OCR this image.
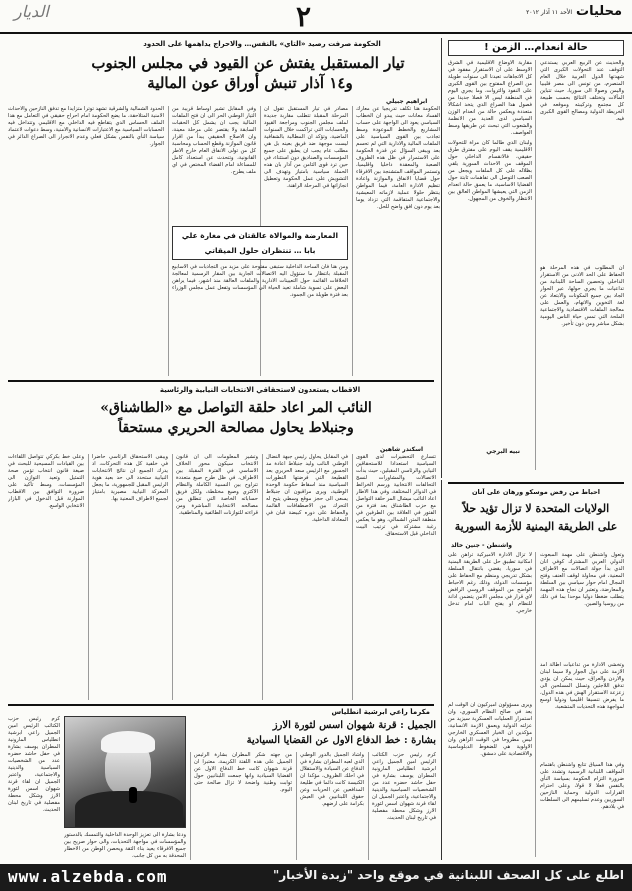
محليات
الأحد ١١ آذار ٢٠١٢
٢
الديار
حالة انعدام… الزمن !
مقاربة الاوضاع الاقليمية في الشرق الاوسط على ان الاستقرار مفقود في كل الاتجاهات تعيدنا الى سنوات طويلة من الصراع المفتوح بين القوى الكبرى على النفوذ والثروات، وما يجري اليوم في المنطقة ليس الا فصلا جديدا من فصول هذا الصراع الذي يتخذ اشكالا متعددة ويعكس حالة من انعدام الوزن السياسي لدى العديد من الانظمة والشعوب التي تبحث عن طريقها وسط العواصف.
ولبنان الذي طالما كان مرآة للتحولات الاقليمية يقف اليوم على مفترق طرق حقيقي، فالانقسام الداخلي حول الموقف من الاحداث السورية يلقي بظلاله على كل الملفات ويجعل من الصعب التوصل الى تفاهمات ثابتة حول القضايا الاساسية، ما يعمق حالة انعدام الزمن التي يعيشها المواطن العالق بين الانتظار والخوف من المجهول.
والحديث عن الربيع العربي يستدعي التوقف عند التحولات الكبرى التي شهدتها الدول العربية خلال العام المنصرم، من تونس الى مصر فليبيا واليمن وصولا الى سوريا، حيث تتباين المآلات وتختلف النتائج بحسب طبيعة كل مجتمع وتركيبته وموقعه في الخريطة الدولية ومصالح القوى الكبرى فيه.
ان المطلوب في هذه المرحلة هو الحفاظ على الحد الادنى من الاستقرار الداخلي وتحصين الساحة اللبنانية من تداعيات ما يجري حولها، عبر الحوار الجاد بين جميع المكونات والابتعاد عن لغة التخوين والاتهام، والعمل على معالجة الملفات الاقتصادية والاجتماعية الملحة التي تمس حياة الناس اليومية بشكل مباشر ومن دون تأخير.
نبيه البرجي
الحكومة صرفت رصيد «التاي» بالنفس… والاحراج يداهمها على الحدود
تيار المستقبل يفتش عن القيود في مجلس الجنوب
و١٤ آذار تنبش أوراق عون المالية
ابراهيم جبيلي
الحكومة هنا تكلف تدريجيا عن معارك الفساد معانات حيث يبدو ان الخطاب السياسي يعود الى الواجهة على حساب المشاريع والخطط الموعودة وسط تجاذب بين القوى السياسية على الملفات المالية والادارية التي لم تحسم بعد ويبقى السؤال عن قدرة الحكومة على الاستمرار في ظل هذه الظروف الصعبة والمعقدة داخليا واقليميا، وتستمر المواقف المتشنجة بين الافرقاء حول قضايا الانفاق والموازنة واعادة تنظيم الادارة العامة، فيما المواطن ينتظر حلولا عملية لازماته المعيشية والاجتماعية المتفاقمة التي تزداد يوما بعد يوم دون افق واضح للحل.
مصادر في تيار المستقبل تقول ان المرحلة المقبلة تتطلب مقاربة جديدة لملف مجلس الجنوب ومراجعة القيود والحسابات التي تراكمت خلال السنوات الماضية، وتؤكد ان المطالبة بالشفافية ليست موجهة ضد فريق بعينه بل هي مطلب عام يجب ان يطبق على جميع المؤسسات والصناديق دون استثناء، في حين ترد قوى الثامن من آذار بان هذه الحملة سياسية بامتياز وتهدف الى التشويش على عمل الحكومة وتعطيل انجازاتها في المرحلة الراهنة.
وفي المقابل تشير اوساط قريبة من التيار الوطني الحر الى ان فتح الملفات المالية يجب ان يشمل كل الحقبات السابقة ولا يقتصر على مرحلة معينة، وان الاصلاح الحقيقي يبدأ من اقرار قانون الموازنة وقطع الحساب ومحاسبة كل من تولى الانفاق العام خارج الاطر القانونية، وتتحدث عن استعداد كامل للمساءلة امام القضاء المختص في اي ملف يطرح.
الحدود الشمالية والشرقية تشهد توترا متزايدا مع تدفق النازحين والاحداث الامنية المتلاحقة، ما يضع الحكومة امام احراج حقيقي في التعامل مع هذا الملف الحساس الذي يتقاطع فيه الداخلي مع الاقليمي وتتداخل فيه الحسابات السياسية مع الاعتبارات الانسانية والامنية، وسط دعوات لاعتماد سياسة النأي بالنفس بشكل فعلي وعدم الانجرار الى الصراع الدائر في الجوار.
المعارضة والموالاة عالقتان في مغارة علي بابا … تنتظران حلول الميقاتي
ومن هنا فان الساحة الداخلية ستبقى مفتوحة على مزيد من التجاذبات في الاسابيع المقبلة بانتظار ما ستؤول اليه الاتصالات الجارية بين المقار الرسمية لمعالجة الخلافات القائمة حول التعيينات الادارية والملفات العالقة منذ اشهر، فيما يراهن البعض على تسوية شاملة تعيد الحياة الى المؤسسات وتفعل عمل مجلس الوزراء بعد فترة طويلة من الجمود.
الاقطاب يستعدون لاستحقاقي الانتخابات النيابية والرئاسية
النائب المر اعاد حلقة التواصل مع «الطاشناق»
وجنبلاط يحاول مصالحة الحريري مستحقاً
اسكندر شاهين
تتسارع التحضيرات لدى القوى السياسية استعدادا للاستحقاقين النيابي والرئاسي المقبلين، حيث بدأت الاتصالات والمشاورات لنسج التحالفات الانتخابية ورسم الخرائط في الدوائر المختلفة، وفي هذا الاطار اعاد النائب ميشال المر حلقة التواصل مع حزب الطاشناق بعد فترة من الفتور في العلاقة بين الطرفين في منطقة المتن الشمالي، وهو ما يعكس رغبة مشتركة في ترتيب البيت الداخلي قبل الاستحقاق.
في المقابل يحاول رئيس جبهة النضال الوطني النائب وليد جنبلاط اعادة مد الجسور مع الرئيس سعد الحريري بعد القطيعة التي فرضتها التطورات السياسية منذ اسقاط حكومة الوحدة الوطنية، ويرى مراقبون ان جنبلاط يسعى الى حجز موقع وسطي يتيح له التحرك بين الاصطفافات القائمة والحفاظ على دوره كبيضة قبان في المعادلة الداخلية.
وتشير المعلومات الى ان قانون الانتخاب سيكون محور الخلاف الاساسي في الفترة المقبلة بين الاطراف، في ظل طرح صيغ متعددة تتراوح بين النسبية الكاملة والنظام الاكثري وصيغ مختلطة، ولكل فريق حساباته الخاصة التي تنطلق من مصالحه الانتخابية المباشرة ومن قراءته للتوازنات الطائفية والمناطقية.
ويبقى الاستحقاق الرئاسي حاضرا في خلفية كل هذه التحركات، اذ يدرك الجميع ان نتائج الانتخابات النيابية ستحدد الى حد بعيد هوية الرئيس المقبل للجمهورية، ما يجعل المعركة النيابية مصيرية بامتياز لجميع الاطراف المعنية بها.
وعلى خط بكركي تتواصل اللقاءات بين القيادات المسيحية للبحث في صيغة قانون انتخاب تؤمن صحة التمثيل وتعيد التوازن الى المؤسسات، وسط تأكيد على ضرورة التوافق بين الاقطاب الموارنة قبل الدخول في البازار الانتخابي الواسع.
احباط من رفض موسكو ورهان على آنان
الولايات المتحدة لا تزال تؤيد حلاً
على الطريقة اليمنية للأزمة السورية
واشنطن - جنين خالد
لا تزال الادارة الاميركية تراهن على امكانية تطبيق حل على الطريقة اليمنية في سوريا، يقضي بانتقال السلطة بشكل تدريجي ومنظم مع الحفاظ على مؤسسات الدولة، وذلك رغم الاحباط الواضح من الموقف الروسي الرافض لاي قرار في مجلس الامن يتضمن ادانة للنظام او يفتح الباب امام تدخل خارجي.
ويرى مسؤولون اميركيون ان الوقت لم يعد في صالح النظام السوري، وان استمرار العمليات العسكرية سيزيد من عزلته الدولية ويعمق الازمة الانسانية، مؤكدين ان الخيار العسكري الخارجي ليس مطروحا في الوقت الراهن وان الاولوية هي للضغوط الدبلوماسية والاقتصادية على دمشق.
وتعول واشنطن على مهمة المبعوث الدولي العربي المشترك كوفي انان الذي بدأ جولة اتصالات مع الاطراف المعنية، في محاولة لوقف العنف وفتح المجال امام حوار سياسي بين السلطة والمعارضة، وتعتبر ان نجاح هذه المهمة يتطلب ضغطا دوليا موحدا بما في ذلك من روسيا والصين.
وتخشى الادارة من تداعيات اطالة امد الازمة على دول الجوار ولا سيما لبنان والاردن والعراق، حيث يمكن ان يؤدي تدفق اللاجئين وتسلل المسلحين الى زعزعة الاستقرار الهش في هذه الدول، ما يفرض تنسيقا اقليميا ودوليا اوسع لمواجهة هذه التحديات المتشعبة.
وفي هذا السياق تتابع واشنطن باهتمام المواقف اللبنانية الرسمية وتشدد على ضرورة التزام الحكومة بسياسة النأي بالنفس فعلا لا قولا، وعلى احترام القرارات الدولية وحماية النازحين السوريين وعدم تسليمهم الى السلطات في بلادهم.
مكرماً راعي ابرشية انطلياس
الجميل : قرنة شهوان اسس لثورة الارز
بشارة : خط الدفاع الاول عن القضايا السيادية
كرم رئيس حزب الكتائب الرئيس امين الجميل راعي ابرشية انطلياس المارونية المطران يوسف بشارة في حفل حاشد حضره عدد من الشخصيات السياسية والدينية والاجتماعية، واعتبر الجميل ان لقاء قرنة شهوان اسس لثورة الارز وشكل محطة مفصلية في تاريخ لبنان الحديث.
واشاد الجميل بالدور الوطني الذي لعبه المطران بشارة في الدفاع عن السيادة والاستقلال في احلك الظروف، مؤكدا ان الكنيسة كانت دائما في طليعة المدافعين عن الحريات وعن حقوق اللبنانيين في العيش بكرامة على ارضهم.
من جهته شكر المطران بشارة الرئيس الجميل على هذه اللفتة الكريمة، معتبرا ان قرنة شهوان كانت خط الدفاع الاول عن القضايا السيادية وانها جمعت اللبنانيين حول ثوابت وطنية واضحة لا تزال صالحة حتى اليوم.
ودعا بشارة الى تعزيز الوحدة الداخلية والتمسك بالدستور والمؤسسات في مواجهة التحديات، والى حوار صريح بين جميع الافرقاء يعيد بناء الثقة ويحصن الوطن من الاخطار المحدقة به من كل جانب.
كرم رئيس حزب الكتائب الرئيس امين الجميل راعي ابرشية انطلياس المارونية المطران يوسف بشارة في حفل حاشد حضره عدد من الشخصيات السياسية والدينية والاجتماعية، واعتبر الجميل ان لقاء قرنة شهوان اسس لثورة الارز وشكل محطة مفصلية في تاريخ لبنان الحديث.
اطلع على كل الصحف اللبنانية في موقع واحد "زبدة الأخبار"
www.alzebda.com
